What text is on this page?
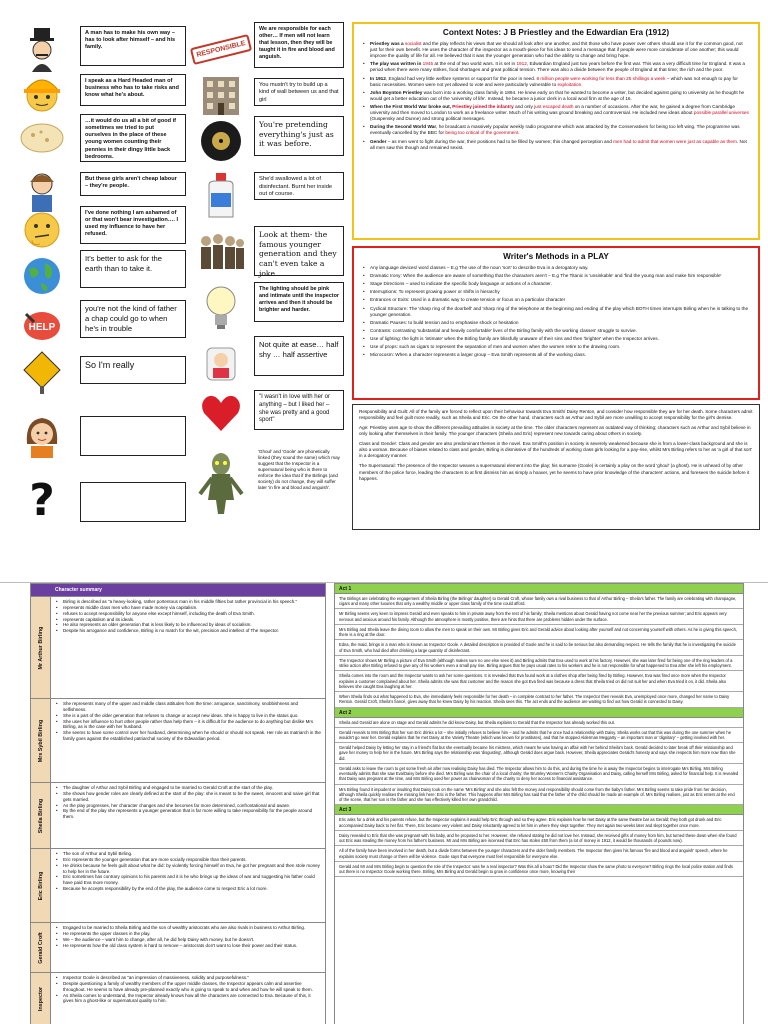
HELP
?
A man has to make his own way – has to look after himself – and his family.
I speak as a Hard Headed man of business who has to take risks and know what he's about.
…it would do us all a bit of good if sometimes we tried to put ourselves in the place of these young women counting their pennies in their dingy little back bedrooms.
But these girls aren't cheap labour – they're people.
I've done nothing I am ashamed of or that won't bear investigation…. I used my influence to have her refused.
It's better to ask for the earth than to take it.
you're not the kind of father a chap could go to when he's in trouble
So I'm really
RESPONSIBLE
We are responsible for each other… If men will not learn that lesson, then they will be taught it in fire and blood and anguish.
You mustn't try to build up a kind of wall between us and that girl
You're pretending everything's just as it was before.
She'd swallowed a lot of disinfectant. Burnt her inside out of course.
Look at them- the famous younger generation and they can't even take a joke
The lighting should be pink and intimate until the inspector arrives and then it should be brighter and harder.
Not quite at ease… half shy … half assertive
"I wasn't in love with her or anything – but I liked her – she was pretty and a good sport"
'Ghoul' and 'Goole' are phonetically linked (they sound the same) which may suggest that the Inspector is a supernatural being who is there to enforce the idea that if the Birlings (and society) do not change, they will suffer later 'in fire and blood and anguish'.
Context Notes: J B Priestley and the Edwardian Era (1912)
• Priestley was a socialist and the play reflects his views that we should all look after one another, and thit those who have power over others should use it for the common good, not just for their own benefit. He uses the character of the inspector as a mouth-piece for his ideas to send a message that if people were more considerate of one another; this would improve the quality of life for all. He believed that it was the younger generation who had the ability to change and bring hope.
• The play was written in 1945 at the end of two world wars. It is set in 1912, Edwardian England just two years before the first war. This was a very difficult time for England. It was a period when there were many strikes, food shortages and great political tension. There was also a divide between the people of England at that time; the rich and the poor.
• In 1912, England had very little welfare systems or support for the poor in need. 8 million people were working for less than 25 shillings a week – which was not enough to pay for basic necessities. Women were not yet allowed to vote and were particularly vulnerable to exploitation.
• John Boynton Priestley was born into a working class family in 1894. He knew early on that he wanted to become a writer, but decided against going to university as he thought he would get a better education out of the 'university of life'. Instead, he became a junior clerk in a local wool firm at the age of 16.
• When the First World War broke out, Priestley joined the infantry and only just escaped death on a number of occasions. After the war, he gained a degree from Cambridge university and then moved to London to work as a freelance writer. Much of his writing was ground breaking and controversial. He included new ideas about possible parallel universes (Ouspensky and Dunne) and strong political messages.
• During the Second World War, he broadcast a massively popular weekly radio programme which was attacked by the Conservatives for being too left wing. The programme was eventually cancelled by the BBC for being too critical of the government.
• Gender – as men went to fight during the war, their positions had to be filled by women; this changed perception and men had to admit that women were just as capable as them. Not all men saw this though and remained sexist.
Writer's Methods in a PLAY
• Any language devices/ word classes – E.g The use of the noun 'sort' to describe Eva in a derogatory way.
• Dramatic Irony: When the audience are aware of something that the characters aren't – E.g The Titanic is 'unsinkable' and 'find the young man and make him responsible'
• Stage Directions – used to indicate the specific body language or actions of a character.
• Interruptions: To represent growing power or shifts in hierarchy
• Entrances or Exits: Used in a dramatic way to create tension or focus on a particular character
• Cyclical Structure: The 'sharp ring of the doorbell' and 'sharp ring of the telephone at the beginning and ending of the play which BOTH times interrupts Birling when he is talking to the younger generation.
• Dramatic Pauses: to build tension and to emphasise shock or hesitation
• Contrasts: contrasting 'substantial and heavily comfortable' lives of the Birling family with the working classes' struggle to survive.
• Use of lighting: the light is 'intimate' when the Birling family are blissfully unaware of their sins and then 'brighter' when the Inspector arrives.
• Use of props: such as cigars to represent the separation of men and women when the women retire to the drawing room.
• Microcosm: When a character represents a larger group – Eva Smith represents all of the working class.

Responsibility and Guilt: All of the family are forced to reflect upon their behaviour towards Eva Smith/ Daisy Renton, and consider how responsible they are for her death. Some characters admit responsibility and feel guilt more readily, such as Sheila and Eric. On the other hand, characters such as Arthur and Sybil are more unwilling to accept responsibility for the girl's demise.

Age: Priestley uses age to show the different prevailing attitudes in society at the time. The older characters represent an outdated way of thinking; characters such as Arthur and Sybil believe in only looking after themselves in their family. The younger characters (Sheila and Eric) represent new towards caring about others in society.

Class and Gender: Class and gender are also predominant themes in the novel. Eva Smith's position in society is severely weakened because she is from a lower-class background and she is also a woman. Because of biases related to class and gender, Birling is dismissive of the hundreds of working class girls looking for a pay-rise, whilst Mrs Birling refers to her as 'a girl of that sort' in a derogatory manner.

The Supernatural: The presence of the Inspector weaves a supernatural element into the play; his surname (Goole) is certainly a play on the word 'ghoul' (a ghost). He is unheard of by other members of the police force, leading the characters to at first dismiss him as simply a hoaxer, yet he seems to have prior knowledge of the characters' actions, and foresees the suicide before it happens.

Character summary
Mr Arthur Birling
• Birling is described as "a heavy-looking, rather portentous man in his middle fifties but rather provincial in his speech."
• represents middle class men who have made money via capitalism.
• refuses to accept responsibility for anyone else except himself, including the death of Eva Smith.
• represents capitalism and its ideals.
• He also represents an older generation that is less likely to be influenced by ideas of socialism.
• Despite his arrogance and confidence, Birling is no match for the wit, precision and intellect of The Inspector.
Mrs Sybil Birling
• She represents many of the upper and middle class attitudes from the time: arrogance, sanctimony, snobbishness and selfishness.
• She is a part of the older generation that refuses to change or accept new ideas. She is happy to live in the status quo.
• She uses her influence to hurt other people rather than help them – it is difficult for the audience to do anything but dislike Mrs Birling, as is the case with her husband.
• She seems to have some control over her husband, determining when he should or should not speak. Her role as matriarch in the family goes against the established patriarchal society of the Edwardian period.
Sheila Birling
• The daughter of Arthur and Sybil Birling and engaged to be married to Gerald Croft at the start of the play.
• She shows how gender roles are clearly defined at the start of the play: she is meant to be the sweet, innocent and naive girl that gets married.
• As the play progresses, her character changes and she becomes far more determined, confrontational and aware.
• By the end of the play she represents a younger generation that is far more willing to take responsibility for the people around them.
Eric Birling
• The son of Arthur and Sybil Birling.
• Eric represents the younger generation that are more socially responsible than their parents.
• He drinks because he feels guilt about what he did: by violently forcing himself on Eva, he got her pregnant and then stole money to help her in the future.
• Eric sometimes has contrary opinions to his parents and it is he who brings up the ideas of war and suggesting his father could have paid Eva more money.
• Because he accepts responsibility by the end of the play, the audience come to respect Eric a lot more.
Gerald Croft
• Engaged to be married to Sheila Birling and the son of wealthy aristocrats who are also rivals in business to Arthur Birling.
• He represents the upper classes in the play.
• We – the audience – want him to change, after all, he did help Daisy with money, but he doesn't.
• He represents how the old class system is hard to remove – aristocrats don't want to lose their power and their status.
Inspector
• Inspector Goole is described as "an impression of massiveness, solidity and purposefulness."
• Despite questioning a family of wealthy members of the upper middle classes, the Inspector appears calm and assertive throughout. He seems to have already pre-planned exactly who is going to speak to and when and how he will speak to them.
• As Sheila comes to understand, the Inspector already knows how all the characters are connected to Eva. Because of this, it gives him a ghost-like or supernatural quality to him.
Act 1
The Birlings are celebrating the engagement of Sheila Birling (the Birlings' daughter) to Gerald Croft, whose family own a rival business to that of Arthur Birling – Sheila's father. The family are celebrating with champagne, cigars and many other luxuries that only a wealthy middle or upper class family of the time could afford.
Mr Birling seems very keen to impress Gerald and even speaks to him in private away from the rest of his family; Sheila mentions about Gerald having not come near her the previous summer; and Eric appears very nervous and anxious around his family. Although the atmosphere is mostly positive, there are hints that there are problems hidden under the surface.
Mrs Birling and Sheila leave the dining room to allow the men to speak on their own. Mr Birling gives Eric and Gerald advice about looking after yourself and not concerning yourself with others. As he is giving this speech, there is a ring at the door.
Edna, the maid, brings in a man who is known as Inspector Goole. A detailed description is provided of Goole and he is said to be serious but also demanding respect. He tells the family that he is investigating the suicide of Eva Smith, who had died after drinking a large quantity of disinfectant.
The Inspector shows Mr Birling a picture of Eva Smith (although makes sure no one else sees it) and Birling admits that Eva used to work at his factory. However, she was later fired for being one of the ring leaders of a strike action after Birling refused to give any of his workers even a small pay rise. Birling argues that he pays usual rates to his workers and he is not responsible for what happened to Eva after she left his employment.
Sheila comes into the room and the Inspector wants to ask her some questions. It is revealed that Eva found work at a clothes shop after being fired by Birling. However, Eva was fired once more when the Inspector explains a customer complained about her. Sheila admits she was that customer and the reason she got Eva fired was because a dress that Sheila tried on did not suit her and when Eva tried it on, it did. Sheila also believes she caught Eva laughing at her.
When Sheila finds out what happened to Eva, she immediately feels responsible for her death – in complete contrast to her father. The Inspector then reveals Eva, unemployed once more, changed her name to Daisy Renton. Gerald Croft, Sheila's fiancé, gives away that he knew Daisy by his reaction. Sheila sees this. The act ends and the audience are waiting to find out how Gerald is connected to Daisy.
Act 2
Sheila and Gerald are alone on stage and Gerald admits he did know Daisy, but Sheila explains to Gerald that the Inspector has already worked this out.
Gerald reveals to Mrs Birling that her son Eric drinks a lot – she initially refuses to believe him – and he admits that he once had a relationship with Daisy. Sheila works out that this was during the one summer when he wouldn't go near her. Gerald explains that he met Daisy at the Variety Theatre (which was known for prostitutes), and that he stopped Alderman Meggarty – an important man or 'dignitary' – getting involved with her.
Gerald helped Daisy by letting her stay in a friend's flat but she eventually became his mistress, which meant he was having an affair with her behind Sheila's back. Gerald decided to later break off their relationship and gave her money to help her in the future. Mrs Birling says the relationship was 'disgusting', although Gerald does argue back. However, Sheila appreciates Gerald's honesty and says she respects him more now than she did.
Gerald asks to leave the room to get some fresh air after now realising Daisy has died. The Inspector allows him to do this, and during the time he is away the Inspector begins to interrogate Mrs Birling. Mrs Birling eventually admits that she saw Eva/Daisy before she died. Mrs Birling was the chair of a local charity: the Brumley Women's Charity Organisation and Daisy, calling herself Mrs Birling, asked for financial help. It is revealed that Daisy was pregnant at the time, and Mrs Birling used her power as chairwoman of the charity to deny her access to financial assistance.
Mrs Birling found it impudent or insulting that Daisy took on the name 'Mrs Birling' and she also felt the money and responsibility should come from the baby's father. Mrs Birling seems to take pride from her decision, although Sheila quickly realises the missing link here: Eric is the father. This happens after Mrs Birling has said that the father of the child should be made an example of. Mrs Birling realises, just as Eric enters at the end of the scene, that her son is the father and she has effectively killed her own grandchild.
Act 3
Eric asks for a drink and his parents refuse, but the Inspector explains it would help Eric through and so they agree. Eric explains how he met Daisy at the same theatre bar as Gerald; they both got drunk and Eric accompanied Daisy back to her flat. There, Eric became very violent and Daisy reluctantly agreed to let him in where they slept together. They met again two weeks later and slept together once more.
Daisy revealed to Eric that she was pregnant with his baby, and he proposed to her. However, she refused stating he did not love her. Instead, she received gifts of money from him, but turned these down when she found out Eric was stealing the money from his father's business. Mr and Mrs Birling are incensed that Eric has stolen £50 from them (a lot of money in 1912, it would be thousands of pounds now).
All of the family have been involved in her death, but a divide forms between the younger characters and the older family members. The Inspector then gives his famous 'fire and blood and anguish' speech, where he explains society must change or there will be violence. Goole says that everyone must feel responsible for everyone else.
Gerald and Mr and Mrs Birling begin to question the role of the Inspector: was he a real inspector? Was this all a hoax? Did the Inspector show the same photo to everyone? Birling rings the local police station and finds out there is no Inspector Goole working there. Birling, Mrs Birling and Gerald begin to grow in confidence once more, knowing their
